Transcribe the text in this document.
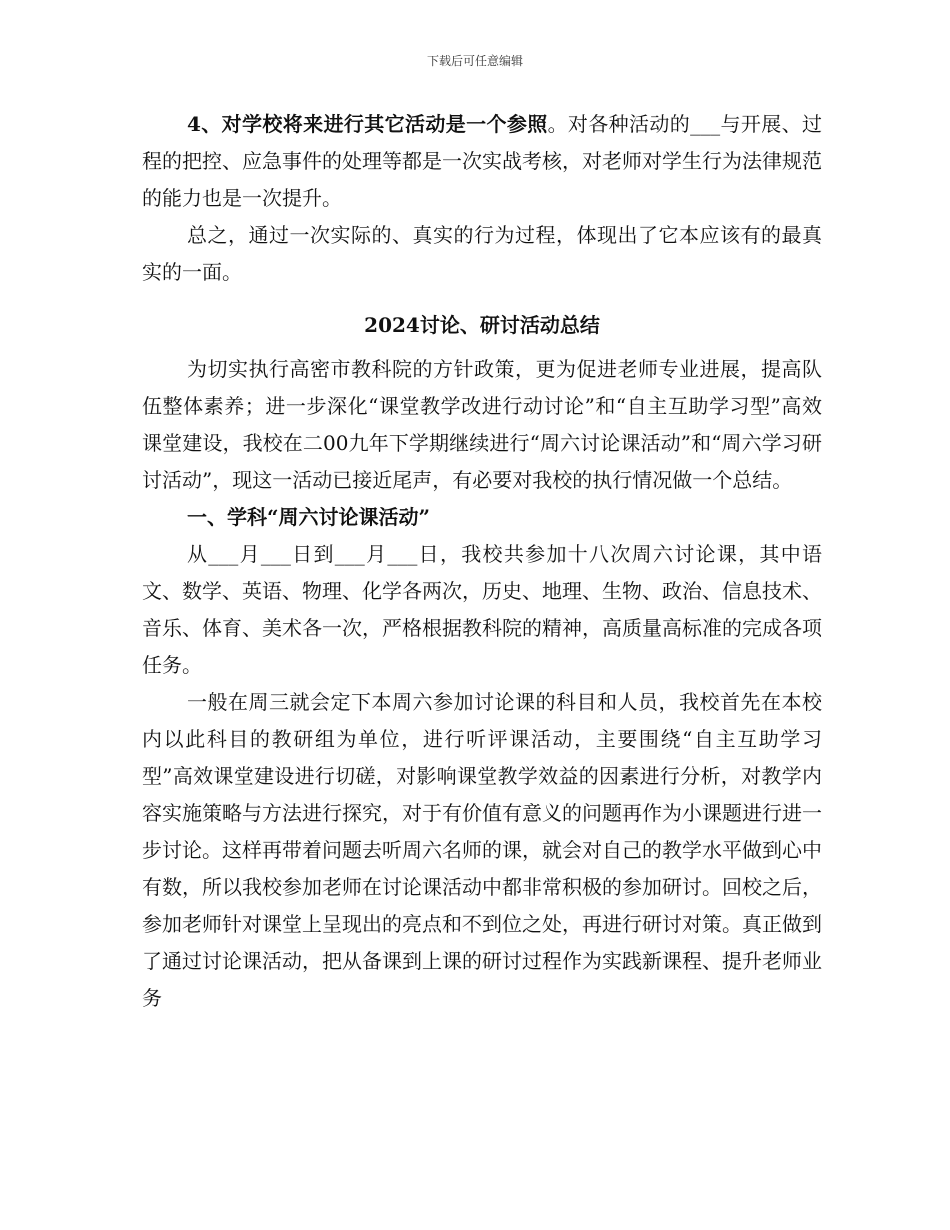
下载后可任意编辑

4、对学校将来进行其它活动是一个参照。对各种活动的___与开展、过程的把控、应急事件的处理等都是一次实战考核，对老师对学生行为法律规范的能力也是一次提升。

总之，通过一次实际的、真实的行为过程，体现出了它本应该有的最真实的一面。

2024讨论、研讨活动总结

为切实执行高密市教科院的方针政策，更为促进老师专业进展，提高队伍整体素养；进一步深化“课堂教学改进行动讨论”和“自主互助学习型”高效课堂建设，我校在二00九年下学期继续进行“周六讨论课活动”和“周六学习研讨活动”，现这一活动已接近尾声，有必要对我校的执行情况做一个总结。

一、学科“周六讨论课活动”

从___月___日到___月___日，我校共参加十八次周六讨论课，其中语文、数学、英语、物理、化学各两次，历史、地理、生物、政治、信息技术、音乐、体育、美术各一次，严格根据教科院的精神，高质量高标准的完成各项任务。

一般在周三就会定下本周六参加讨论课的科目和人员，我校首先在本校内以此科目的教研组为单位，进行听评课活动，主要围绕“自主互助学习型”高效课堂建设进行切磋，对影响课堂教学效益的因素进行分析，对教学内容实施策略与方法进行探究，对于有价值有意义的问题再作为小课题进行进一步讨论。这样再带着问题去听周六名师的课，就会对自己的教学水平做到心中有数，所以我校参加老师在讨论课活动中都非常积极的参加研讨。回校之后，参加老师针对课堂上呈现出的亮点和不到位之处，再进行研讨对策。真正做到了通过讨论课活动，把从备课到上课的研讨过程作为实践新课程、提升老师业务
